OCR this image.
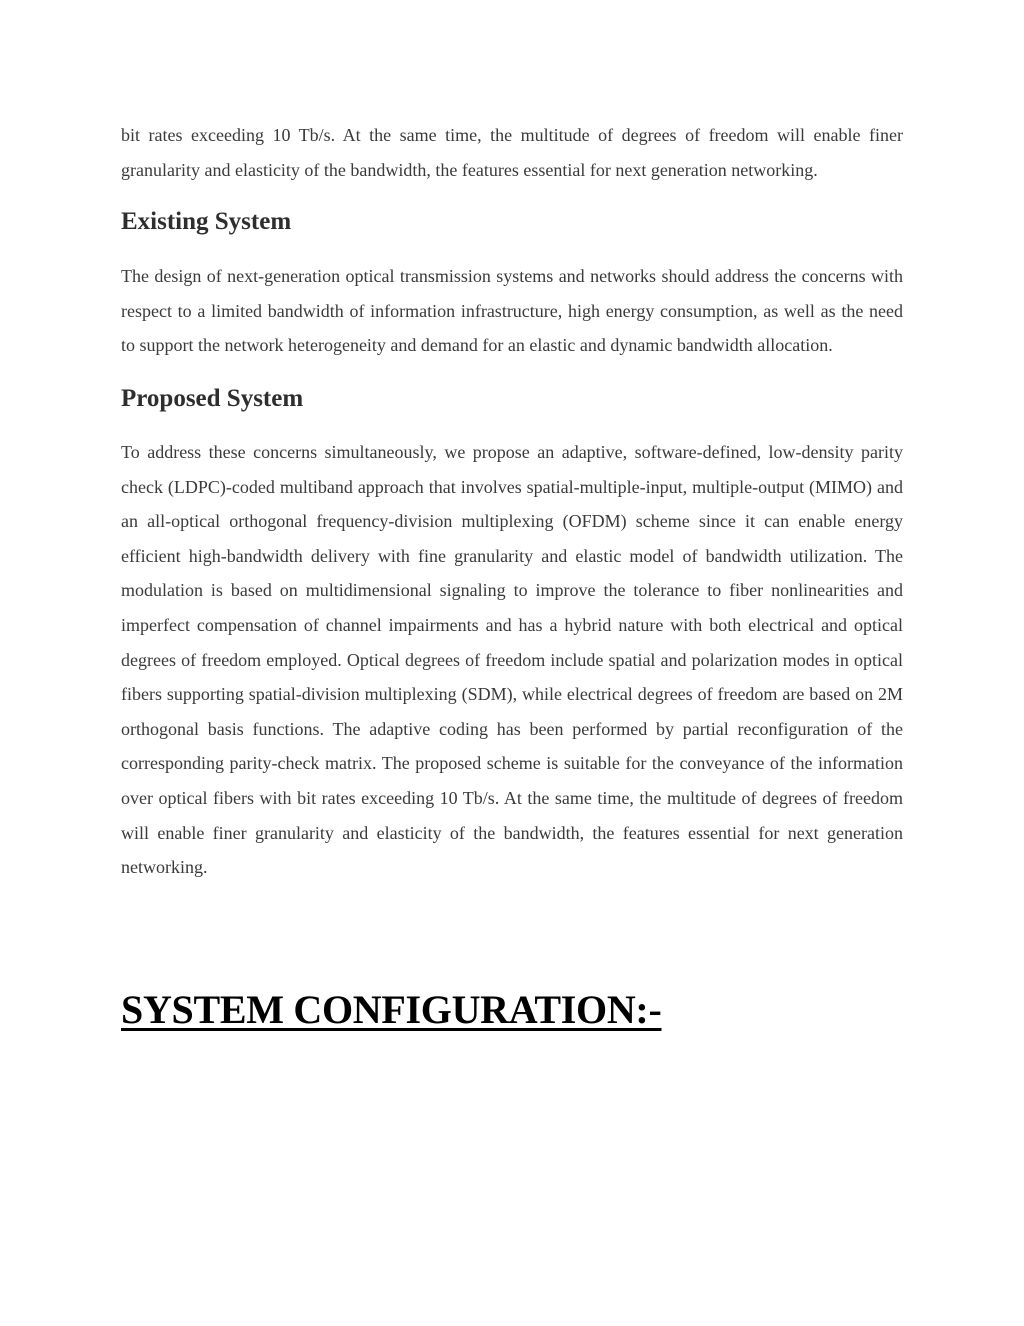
bit rates exceeding 10 Tb/s. At the same time, the multitude of degrees of freedom will enable finer granularity and elasticity of the bandwidth, the features essential for next generation networking.

Existing System

The design of next-generation optical transmission systems and networks should address the concerns with respect to a limited bandwidth of information infrastructure, high energy consumption, as well as the need to support the network heterogeneity and demand for an elastic and dynamic bandwidth allocation.

Proposed System

To address these concerns simultaneously, we propose an adaptive, software-defined, low-density parity check (LDPC)-coded multiband approach that involves spatial-multiple-input, multiple-output (MIMO) and an all-optical orthogonal frequency-division multiplexing (OFDM) scheme since it can enable energy efficient high-bandwidth delivery with fine granularity and elastic model of bandwidth utilization. The modulation is based on multidimensional signaling to improve the tolerance to fiber nonlinearities and imperfect compensation of channel impairments and has a hybrid nature with both electrical and optical degrees of freedom employed. Optical degrees of freedom include spatial and polarization modes in optical fibers supporting spatial-division multiplexing (SDM), while electrical degrees of freedom are based on 2M orthogonal basis functions. The adaptive coding has been performed by partial reconfiguration of the corresponding parity-check matrix. The proposed scheme is suitable for the conveyance of the information over optical fibers with bit rates exceeding 10 Tb/s. At the same time, the multitude of degrees of freedom will enable finer granularity and elasticity of the bandwidth, the features essential for next generation networking.

SYSTEM CONFIGURATION:-
